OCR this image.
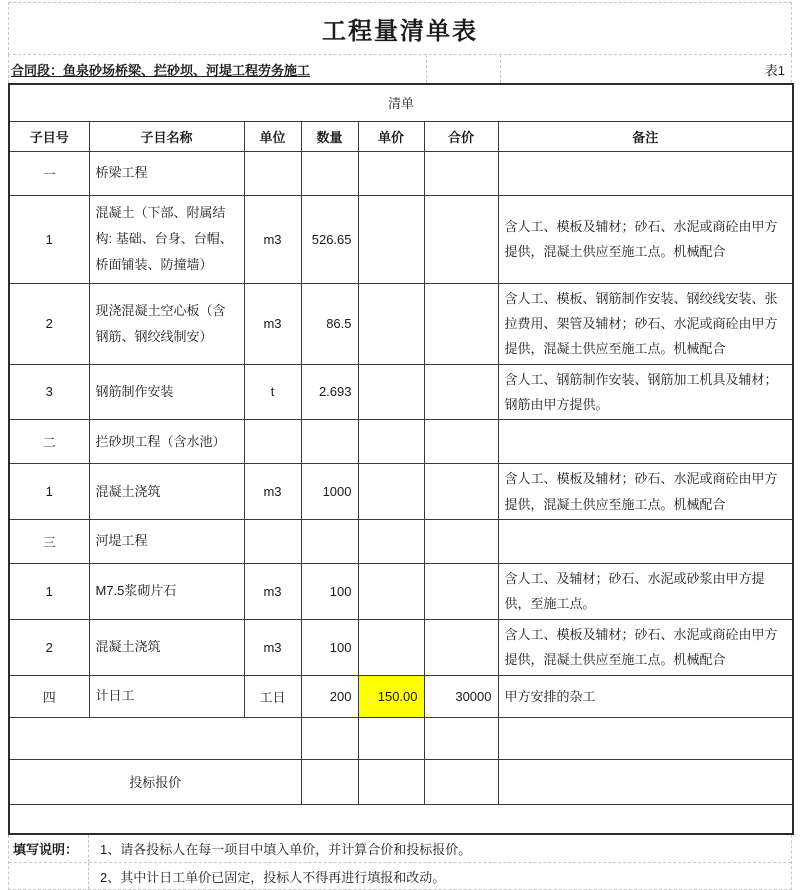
工程量清单表
合同段：鱼泉砂场桥梁、拦砂坝、河堤工程劳务施工	表1
清单						
子目号	子目名称	单位	数量	单价	合价	备注
一	桥梁工程					
1	混凝土（下部、附属结构: 基础、台身、台帽、桥面铺装、防撞墙）	m3	526.65			含人工、模板及辅材；砂石、水泥或商砼由甲方提供，混凝土供应至施工点。机械配合
2	现浇混凝土空心板（含钢筋、钢绞线制安）	m3	86.5			含人工、模板、钢筋制作安装、钢绞线安装、张拉费用、架管及辅材；砂石、水泥或商砼由甲方提供，混凝土供应至施工点。机械配合
3	钢筋制作安装	t	2.693			含人工、钢筋制作安装、钢筋加工机具及辅材；钢筋由甲方提供。
二	拦砂坝工程（含水池）					
1	混凝土浇筑	m3	1000			含人工、模板及辅材；砂石、水泥或商砼由甲方提供，混凝土供应至施工点。机械配合
三	河堤工程					
1	M7.5浆砌片石	m3	100			含人工、及辅材；砂石、水泥或砂浆由甲方提供，至施工点。
2	混凝土浇筑	m3	100			含人工、模板及辅材；砂石、水泥或商砼由甲方提供，混凝土供应至施工点。机械配合
四	计日工	工日	200	150.00	30000	甲方安排的杂工

投标报价						

填写说明：	1、请各投标人在每一项目中填入单价，并计算合价和投标报价。
2、其中计日工单价已固定，投标人不得再进行填报和改动。
